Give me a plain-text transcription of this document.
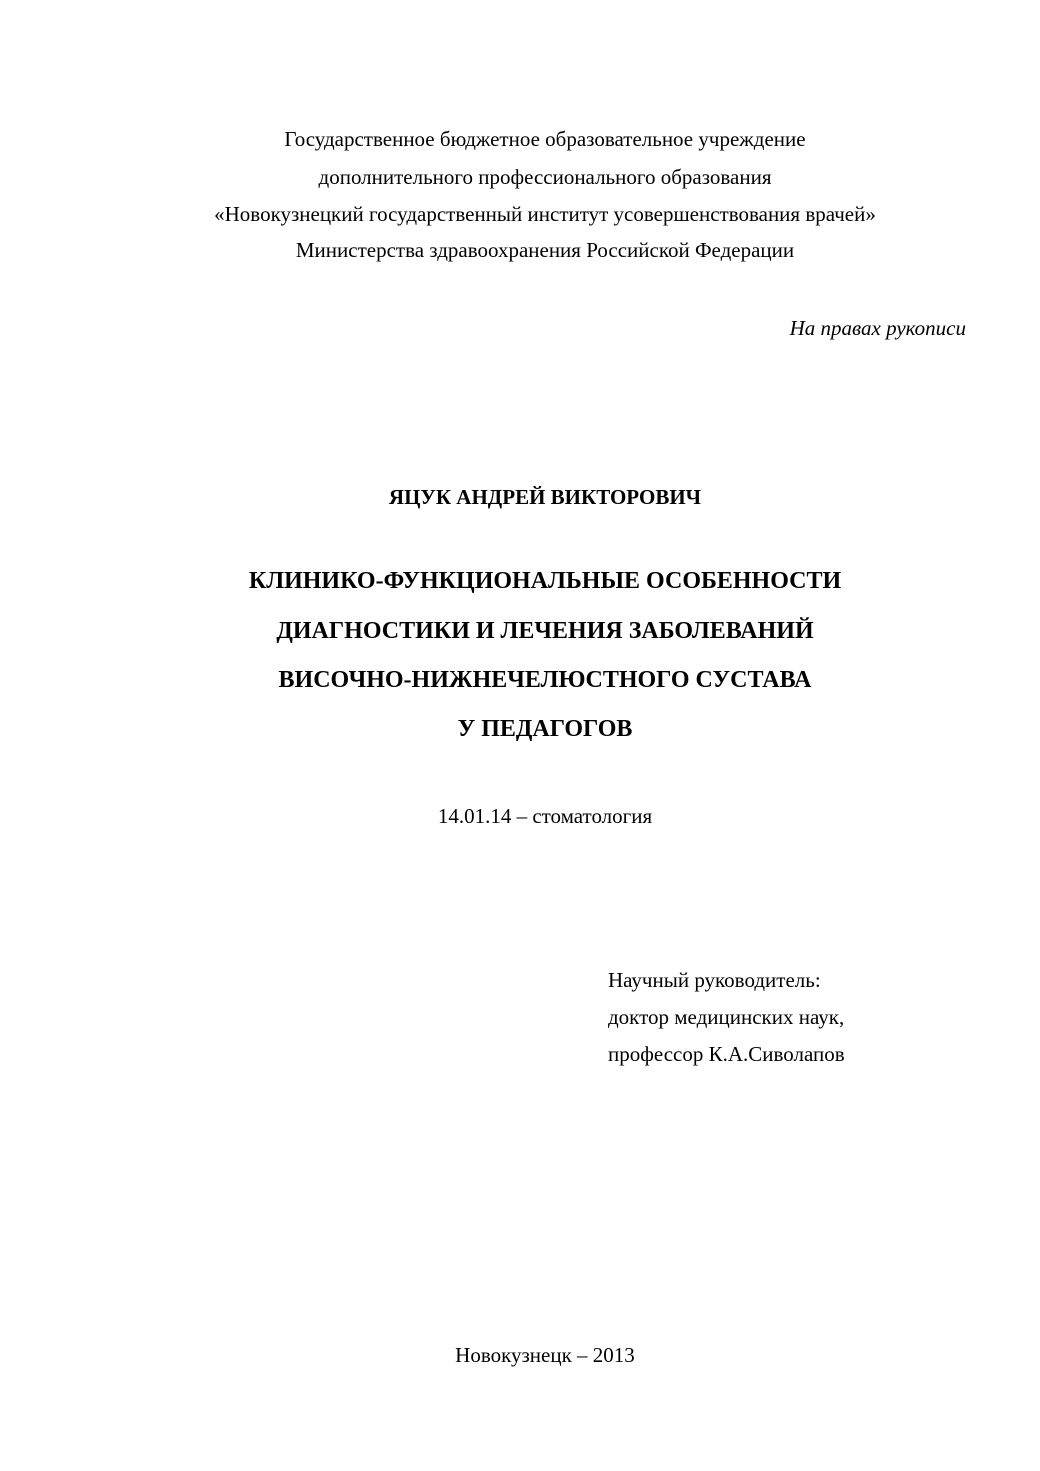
Государственное бюджетное образовательное учреждение
дополнительного профессионального образования
«Новокузнецкий государственный институт усовершенствования врачей»
Министерства здравоохранения Российской Федерации
На правах рукописи
ЯЦУК АНДРЕЙ ВИКТОРОВИЧ
КЛИНИКО-ФУНКЦИОНАЛЬНЫЕ ОСОБЕННОСТИ
ДИАГНОСТИКИ И ЛЕЧЕНИЯ ЗАБОЛЕВАНИЙ
ВИСОЧНО-НИЖНЕЧЕЛЮСТНОГО СУСТАВА
У ПЕДАГОГОВ
14.01.14 – стоматология
Научный руководитель:
доктор медицинских наук,
профессор К.А.Сиволапов
Новокузнецк – 2013
